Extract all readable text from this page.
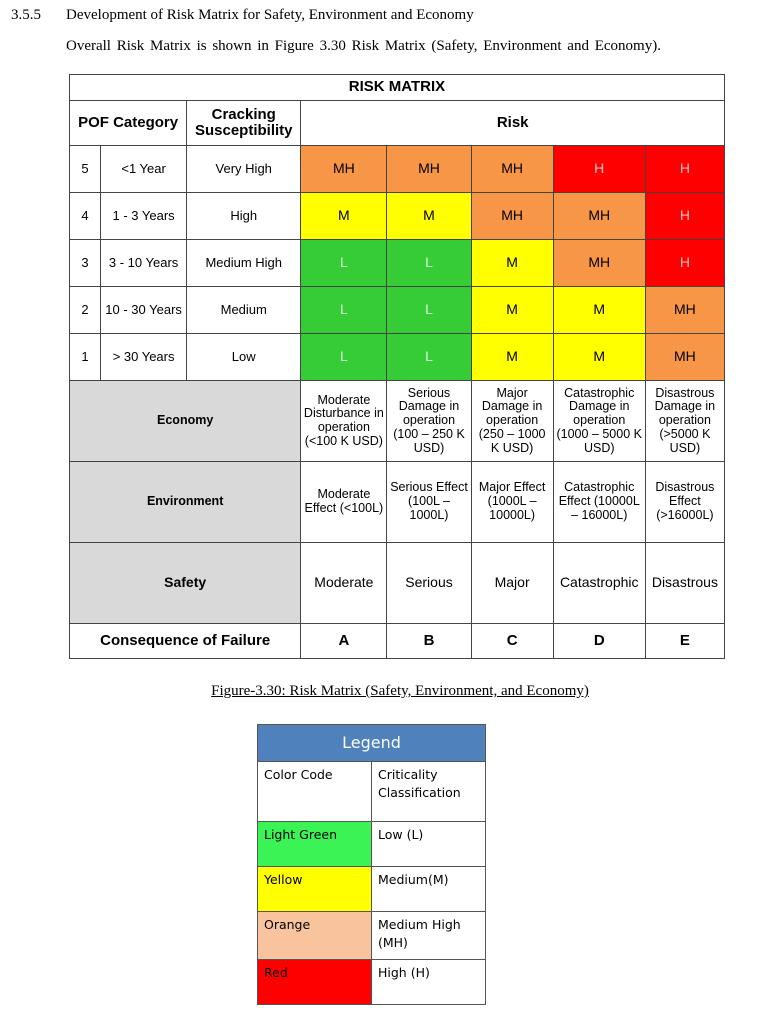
3.5.5 Development of Risk Matrix for Safety, Environment and Economy
Overall Risk Matrix is shown in Figure 3.30 Risk Matrix (Safety, Environment and Economy).
RISK MATRIX							
POF Category		Cracking Susceptibility	Risk				
5	<1 Year	Very High	MH	MH	MH	H	H
4	1 - 3 Years	High	M	M	MH	MH	H
3	3 - 10 Years	Medium High	L	L	M	MH	H
2	10 - 30 Years	Medium	L	L	M	M	MH
1	> 30 Years	Low	L	L	M	M	MH
Economy			Moderate Disturbance in operation (<100 K USD)	Serious Damage in operation (100 – 250 K USD)	Major Damage in operation (250 – 1000 K USD)	Catastrophic Damage in operation (1000 – 5000 K USD)	Disastrous Damage in operation (>5000 K USD)
Environment			Moderate Effect (<100L)	Serious Effect (100L – 1000L)	Major Effect (1000L – 10000L)	Catastrophic Effect (10000L – 16000L)	Disastrous Effect (>16000L)
Safety			Moderate	Serious	Major	Catastrophic	Disastrous
Consequence of Failure			A	B	C	D	E
Figure-3.30: Risk Matrix (Safety, Environment, and Economy)
Legend	
Color Code	Criticality Classification
Light Green	Low (L)
Yellow	Medium(M)
Orange	Medium High (MH)
Red	High (H)
